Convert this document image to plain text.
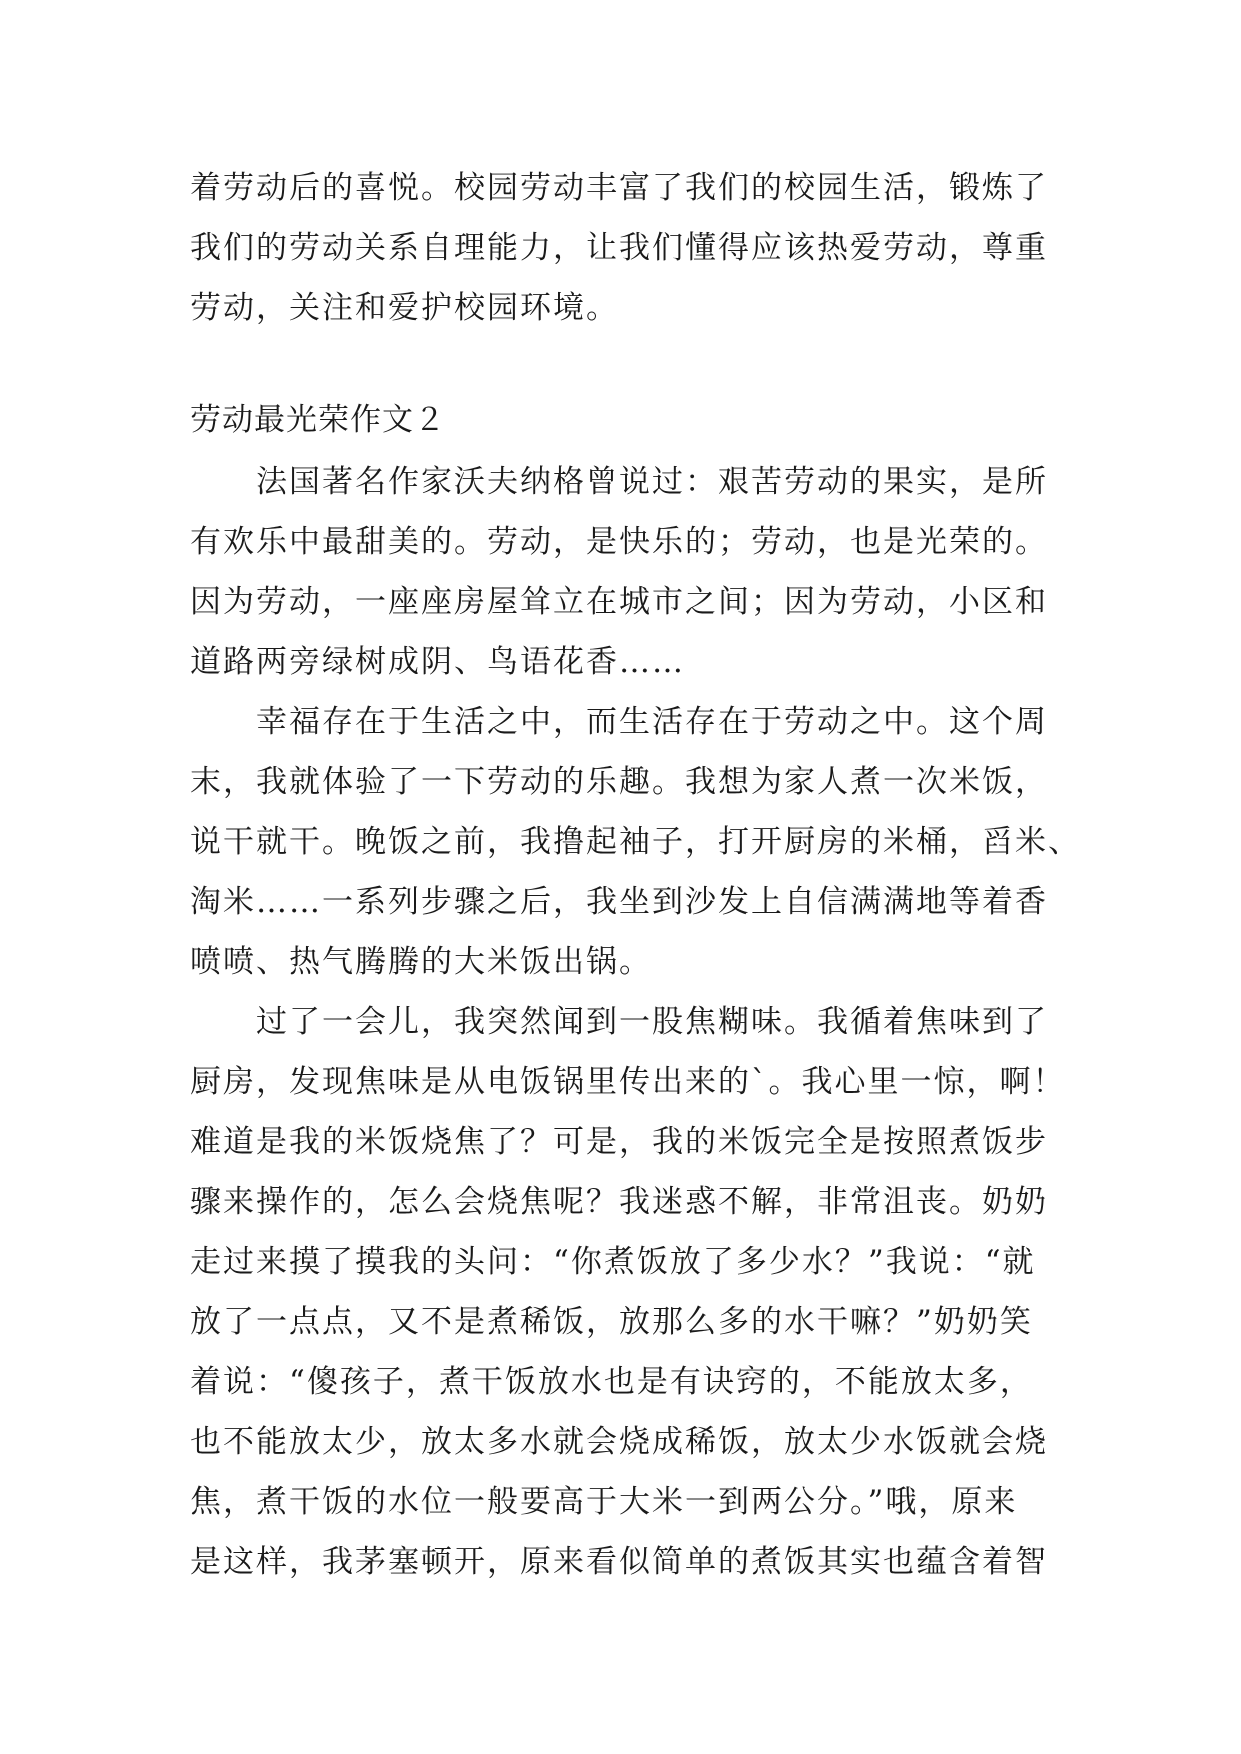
着劳动后的喜悦。校园劳动丰富了我们的校园生活，锻炼了
我们的劳动关系自理能力，让我们懂得应该热爱劳动，尊重
劳动，关注和爱护校园环境。
劳动最光荣作文２
法国著名作家沃夫纳格曾说过：艰苦劳动的果实，是所
有欢乐中最甜美的。劳动，是快乐的；劳动，也是光荣的。
因为劳动，一座座房屋耸立在城市之间；因为劳动，小区和
道路两旁绿树成阴、鸟语花香……
幸福存在于生活之中，而生活存在于劳动之中。这个周
末，我就体验了一下劳动的乐趣。我想为家人煮一次米饭，
说干就干。晚饭之前，我撸起袖子，打开厨房的米桶，舀米、
淘米……一系列步骤之后，我坐到沙发上自信满满地等着香
喷喷、热气腾腾的大米饭出锅。
过了一会儿，我突然闻到一股焦糊味。我循着焦味到了
厨房，发现焦味是从电饭锅里传出来的`。我心里一惊，啊！
难道是我的米饭烧焦了？可是，我的米饭完全是按照煮饭步
骤来操作的，怎么会烧焦呢？我迷惑不解，非常沮丧。奶奶
走过来摸了摸我的头问：“你煮饭放了多少水？”我说：“就
放了一点点，又不是煮稀饭，放那么多的水干嘛？”奶奶笑
着说：“傻孩子，煮干饭放水也是有诀窍的，不能放太多，
也不能放太少，放太多水就会烧成稀饭，放太少水饭就会烧
焦，煮干饭的水位一般要高于大米一到两公分。”哦，原来
是这样，我茅塞顿开，原来看似简单的煮饭其实也蕴含着智
